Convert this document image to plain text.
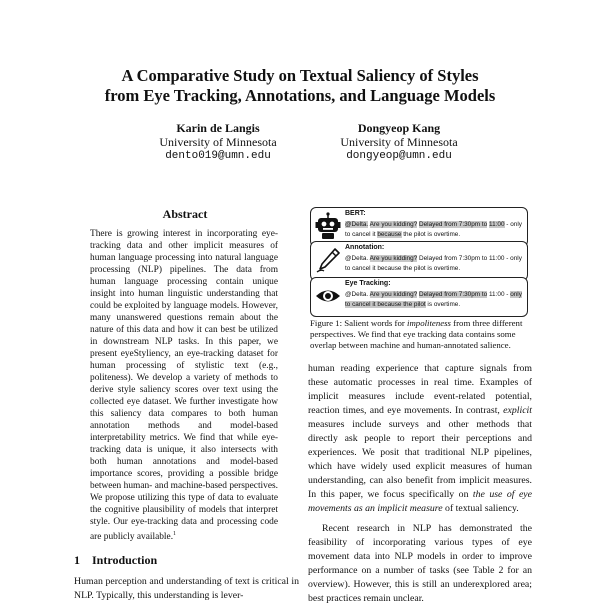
A Comparative Study on Textual Saliency of Styles
from Eye Tracking, Annotations, and Language Models
Karin de Langis
University of Minnesota
dento019@umn.edu
Dongyeop Kang
University of Minnesota
dongyeop@umn.edu
Abstract
There is growing interest in incorporating eye-tracking data and other implicit measures of human language processing into natural language processing (NLP) pipelines. The data from human language processing contain unique insight into human linguistic understanding that could be exploited by language models. However, many unanswered questions remain about the nature of this data and how it can best be utilized in downstream NLP tasks. In this paper, we present eyeStyliency, an eye-tracking dataset for human processing of stylistic text (e.g., politeness). We develop a variety of methods to derive style saliency scores over text using the collected eye dataset. We further investigate how this saliency data compares to both human annotation methods and model-based interpretability metrics. We find that while eye-tracking data is unique, it also intersects with both human annotations and model-based importance scores, providing a possible bridge between human- and machine-based perspectives. We propose utilizing this type of data to evaluate the cognitive plausibility of models that interpret style. Our eye-tracking data and processing code are publicly available.$^1$
1 Introduction
Human perception and understanding of text is critical in NLP. Typically, this understanding is lever-
BERT:
@Delta. Are you kidding? Delayed from 7:30pm to 11:00 - only to cancel it because the pilot is overtime.
Annotation:
@Delta. Are you kidding? Delayed from 7:30pm to 11:00 - only to cancel it because the pilot is overtime.
Eye Tracking:
@Delta. Are you kidding? Delayed from 7:30pm to 11:00 - only to cancel it because the pilot is overtime.
Figure 1: Salient words for impoliteness from three different perspectives. We find that eye tracking data contains some overlap between machine and human-annotated salience.

human reading experience that capture signals from these automatic processes in real time. Examples of implicit measures include event-related potential, reaction times, and eye movements. In contrast, explicit measures include surveys and other methods that directly ask people to report their perceptions and experiences. We posit that traditional NLP pipelines, which have widely used explicit measures of human understanding, can also benefit from implicit measures. In this paper, we focus specifically on the use of eye movements as an implicit measure of textual saliency.

Recent research in NLP has demonstrated the feasibility of incorporating various types of eye movement data into NLP models in order to improve performance on a number of tasks (see Table 2 for an overview). However, this is still an underexplored area; best practices remain unclear.
